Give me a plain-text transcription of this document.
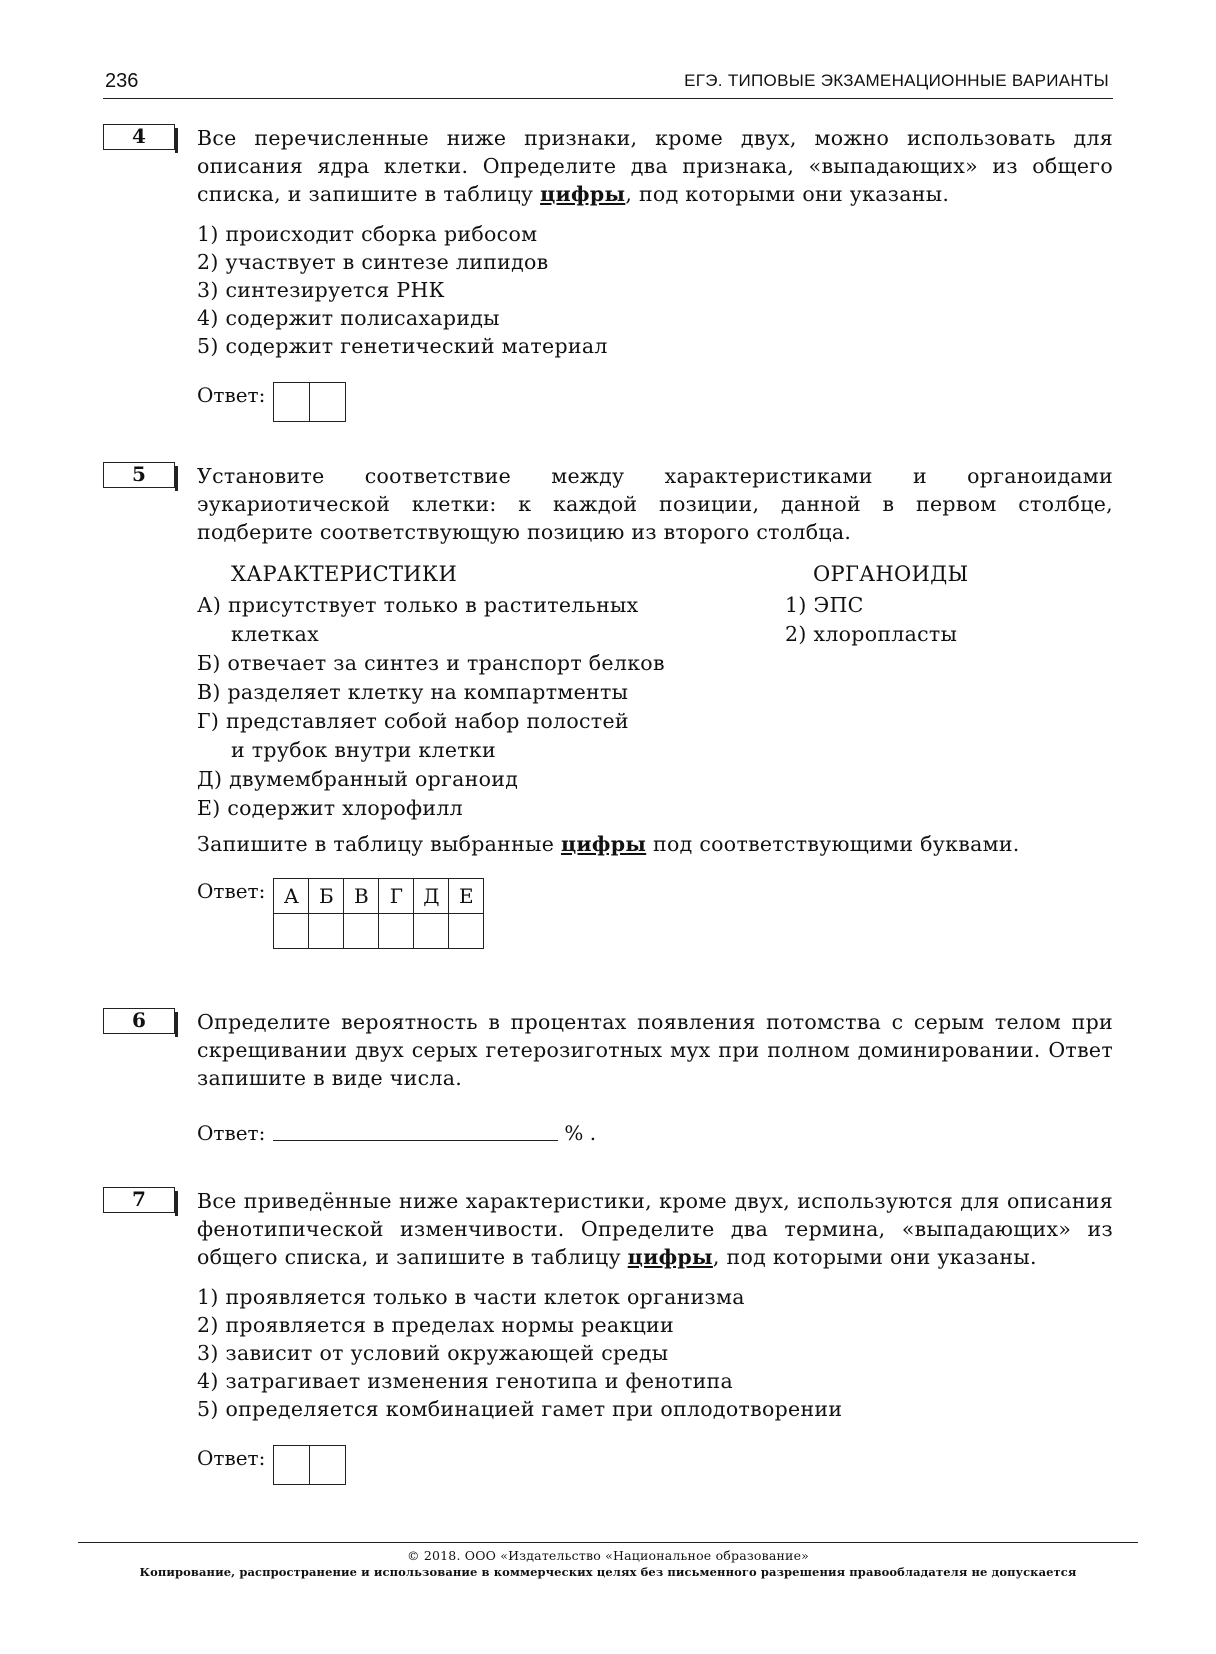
236	ЕГЭ. ТИПОВЫЕ ЭКЗАМЕНАЦИОННЫЕ ВАРИАНТЫ
4	Все перечисленные ниже признаки, кроме двух, можно использовать для описания ядра клетки. Определите два признака, «выпадающих» из общего списка, и запишите в таблицу цифры, под которыми они указаны.
1) происходит сборка рибосом
2) участвует в синтезе липидов
3) синтезируется РНК
4) содержит полисахариды
5) содержит генетический материал
Ответ:
5	Установите соответствие между характеристиками и органоидами эукариотической клетки: к каждой позиции, данной в первом столбце, подберите соответствующую позицию из второго столбца.
ХАРАКТЕРИСТИКИ
А) присутствует только в растительных
клетках
Б) отвечает за синтез и транспорт белков
В) разделяет клетку на компартменты
Г) представляет собой набор полостей
и трубок внутри клетки
Д) двумембранный органоид
Е) содержит хлорофилл
ОРГАНОИДЫ
1) ЭПС
2) хлоропласты
Запишите в таблицу выбранные цифры под соответствующими буквами.
Ответ: А	Б	В	Г	Д	Е

6	Определите вероятность в процентах появления потомства с серым телом при скрещивании двух серых гетерозиготных мух при полном доминировании. Ответ запишите в виде числа.
Ответ:	% .
7	Все приведённые ниже характеристики, кроме двух, используются для описания фенотипической изменчивости. Определите два термина, «выпадающих» из общего списка, и запишите в таблицу цифры, под которыми они указаны.
1) проявляется только в части клеток организма
2) проявляется в пределах нормы реакции
3) зависит от условий окружающей среды
4) затрагивает изменения генотипа и фенотипа
5) определяется комбинацией гамет при оплодотворении
Ответ:
© 2018. ООО «Издательство «Национальное образование»
Копирование, распространение и использование в коммерческих целях без письменного разрешения правообладателя не допускается
